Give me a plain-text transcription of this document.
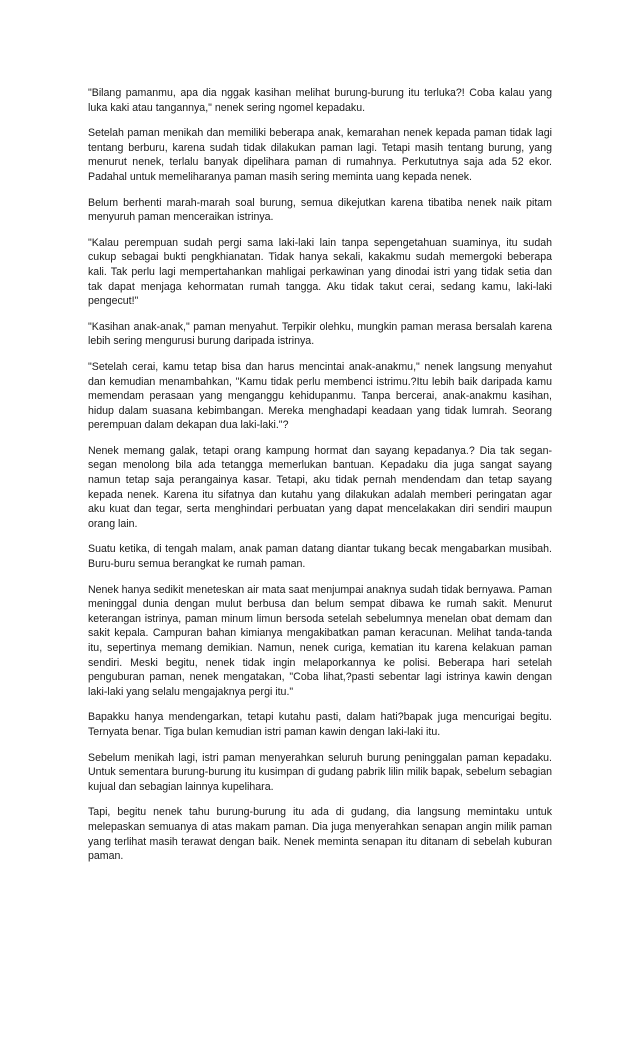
"Bilang pamanmu, apa dia nggak kasihan melihat burung-burung itu terluka?! Coba kalau yang luka kaki atau tangannya," nenek sering ngomel kepadaku.

Setelah paman menikah dan memiliki beberapa anak, kemarahan nenek kepada paman tidak lagi tentang berburu, karena sudah tidak dilakukan paman lagi. Tetapi masih tentang burung, yang menurut nenek, terlalu banyak dipelihara paman di rumahnya. Perkututnya saja ada 52 ekor. Padahal untuk memeliharanya paman masih sering meminta uang kepada nenek.

Belum berhenti marah-marah soal burung, semua dikejutkan karena tibatiba nenek naik pitam menyuruh paman menceraikan istrinya.

"Kalau perempuan sudah pergi sama laki-laki lain tanpa sepengetahuan suaminya, itu sudah cukup sebagai bukti pengkhianatan. Tidak hanya sekali, kakakmu sudah memergoki beberapa kali. Tak perlu lagi mempertahankan mahligai perkawinan yang dinodai istri yang tidak setia dan tak dapat menjaga kehormatan rumah tangga. Aku tidak takut cerai, sedang kamu, laki-laki pengecut!"

"Kasihan anak-anak," paman menyahut. Terpikir olehku, mungkin paman merasa bersalah karena lebih sering mengurusi burung daripada istrinya.

"Setelah cerai, kamu tetap bisa dan harus mencintai anak-anakmu," nenek langsung menyahut dan kemudian menambahkan, "Kamu tidak perlu membenci istrimu.?Itu lebih baik daripada kamu memendam perasaan yang menganggu kehidupanmu. Tanpa bercerai, anak-anakmu kasihan, hidup dalam suasana kebimbangan. Mereka menghadapi keadaan yang tidak lumrah. Seorang perempuan dalam dekapan dua laki-laki."?

Nenek memang galak, tetapi orang kampung hormat dan sayang kepadanya.? Dia tak segan-segan menolong bila ada tetangga memerlukan bantuan. Kepadaku dia juga sangat sayang namun tetap saja perangainya kasar. Tetapi, aku tidak pernah mendendam dan tetap sayang kepada nenek. Karena itu sifatnya dan kutahu yang dilakukan adalah memberi peringatan agar aku kuat dan tegar, serta menghindari perbuatan yang dapat mencelakakan diri sendiri maupun orang lain.

Suatu ketika, di tengah malam, anak paman datang diantar tukang becak mengabarkan musibah. Buru-buru semua berangkat ke rumah paman.

Nenek hanya sedikit meneteskan air mata saat menjumpai anaknya sudah tidak bernyawa. Paman meninggal dunia dengan mulut berbusa dan belum sempat dibawa ke rumah sakit. Menurut keterangan istrinya, paman minum limun bersoda setelah sebelumnya menelan obat demam dan sakit kepala. Campuran bahan kimianya mengakibatkan paman keracunan. Melihat tanda-tanda itu, sepertinya memang demikian. Namun, nenek curiga, kematian itu karena kelakuan paman sendiri. Meski begitu, nenek tidak ingin melaporkannya ke polisi. Beberapa hari setelah penguburan paman, nenek mengatakan, "Coba lihat,?pasti sebentar lagi istrinya kawin dengan laki-laki yang selalu mengajaknya pergi itu."

Bapakku hanya mendengarkan, tetapi kutahu pasti, dalam hati?bapak juga mencurigai begitu. Ternyata benar. Tiga bulan kemudian istri paman kawin dengan laki-laki itu.

Sebelum menikah lagi, istri paman menyerahkan seluruh burung peninggalan paman kepadaku. Untuk sementara burung-burung itu kusimpan di gudang pabrik lilin milik bapak, sebelum sebagian kujual dan sebagian lainnya kupelihara.

Tapi, begitu nenek tahu burung-burung itu ada di gudang, dia langsung memintaku untuk melepaskan semuanya di atas makam paman. Dia juga menyerahkan senapan angin milik paman yang terlihat masih terawat dengan baik. Nenek meminta senapan itu ditanam di sebelah kuburan paman.
